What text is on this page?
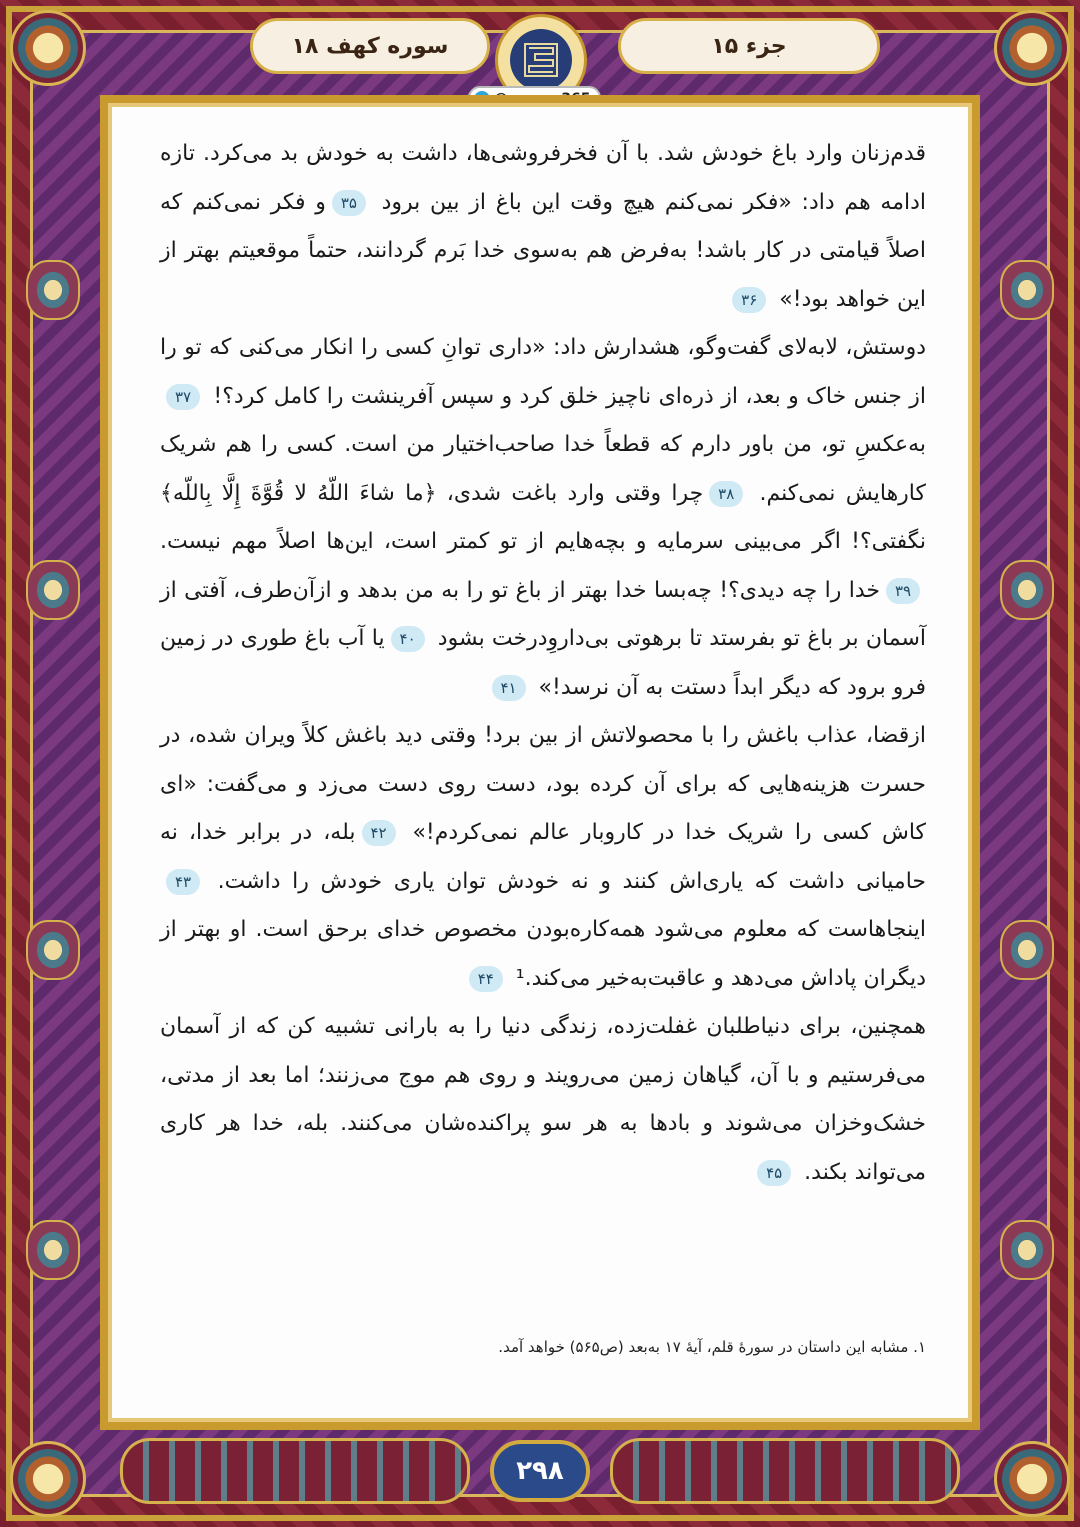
جزء ۱۵
سوره کهف ۱۸

قدم‌زنان وارد باغ خودش شد. با آن فخرفروشی‌ها، داشت به خودش بد می‌کرد. تازه ادامه هم داد: «فکر نمی‌کنم هیچ وقت این باغ از بین برود ۳۵و فکر نمی‌کنم که اصلاً قیامتی در کار باشد! به‌فرض هم به‌سوی خدا بَرم گردانند، حتماً موقعیتم بهتر از این خواهد بود!» ۳۶

دوستش، لابه‌لای گفت‌وگو، هشدارش داد: «داری توانِ کسی را انکار می‌کنی که تو را از جنس خاک و بعد، از ذره‌ای ناچیز خلق کرد و سپس آفرینشت را کامل کرد؟! ۳۷به‌عکسِ تو، من باور دارم که قطعاً خدا صاحب‌اختیار من است. کسی را هم شریک کارهایش نمی‌کنم. ۳۸چرا وقتی وارد باغت شدی، ﴿ما شاءَ اللّهُ لا قُوَّةَ إِلَّا بِاللّه﴾ نگفتی؟! اگر می‌بینی سرمایه و بچه‌هایم از تو کمتر است، این‌ها اصلاً مهم نیست. ۳۹خدا را چه دیدی؟! چه‌بسا خدا بهتر از باغ تو را به من بدهد و ازآن‌طرف، آفتی از آسمان بر باغ تو بفرستد تا برهوتی بی‌داروِدرخت بشود ۴۰یا آب باغ طوری در زمین فرو برود که دیگر ابداً دستت به آن نرسد!» ۴۱

ازقضا، عذاب باغش را با محصولاتش از بین برد! وقتی دید باغش کلاً ویران شده، در حسرت هزینه‌هایی که برای آن کرده بود، دست روی دست می‌زد و می‌گفت: «ای کاش کسی را شریک خدا در کاروبار عالم نمی‌کردم!» ۴۲بله، در برابر خدا، نه حامیانی داشت که یاری‌اش کنند و نه خودش توان یاری خودش را داشت. ۴۳اینجاهاست که معلوم می‌شود همه‌کاره‌بودن مخصوص خدای برحق است. او بهتر از دیگران پاداش می‌دهد و عاقبت‌به‌خیر می‌کند.¹ ۴۴

همچنین، برای دنیاطلبان غفلت‌زده، زندگی دنیا را به بارانی تشبیه کن که از آسمان می‌فرستیم و با آن، گیاهان زمین می‌رویند و روی هم موج می‌زنند؛ اما بعد از مدتی، خشک‌وخزان می‌شوند و بادها به هر سو پراکنده‌شان می‌کنند. بله، خدا هر کاری می‌تواند بکند. ۴۵

۱. مشابه این داستان در سورۀ قلم، آیۀ ۱۷ به‌بعد (ص۵۶۵) خواهد آمد.
۲۹۸
